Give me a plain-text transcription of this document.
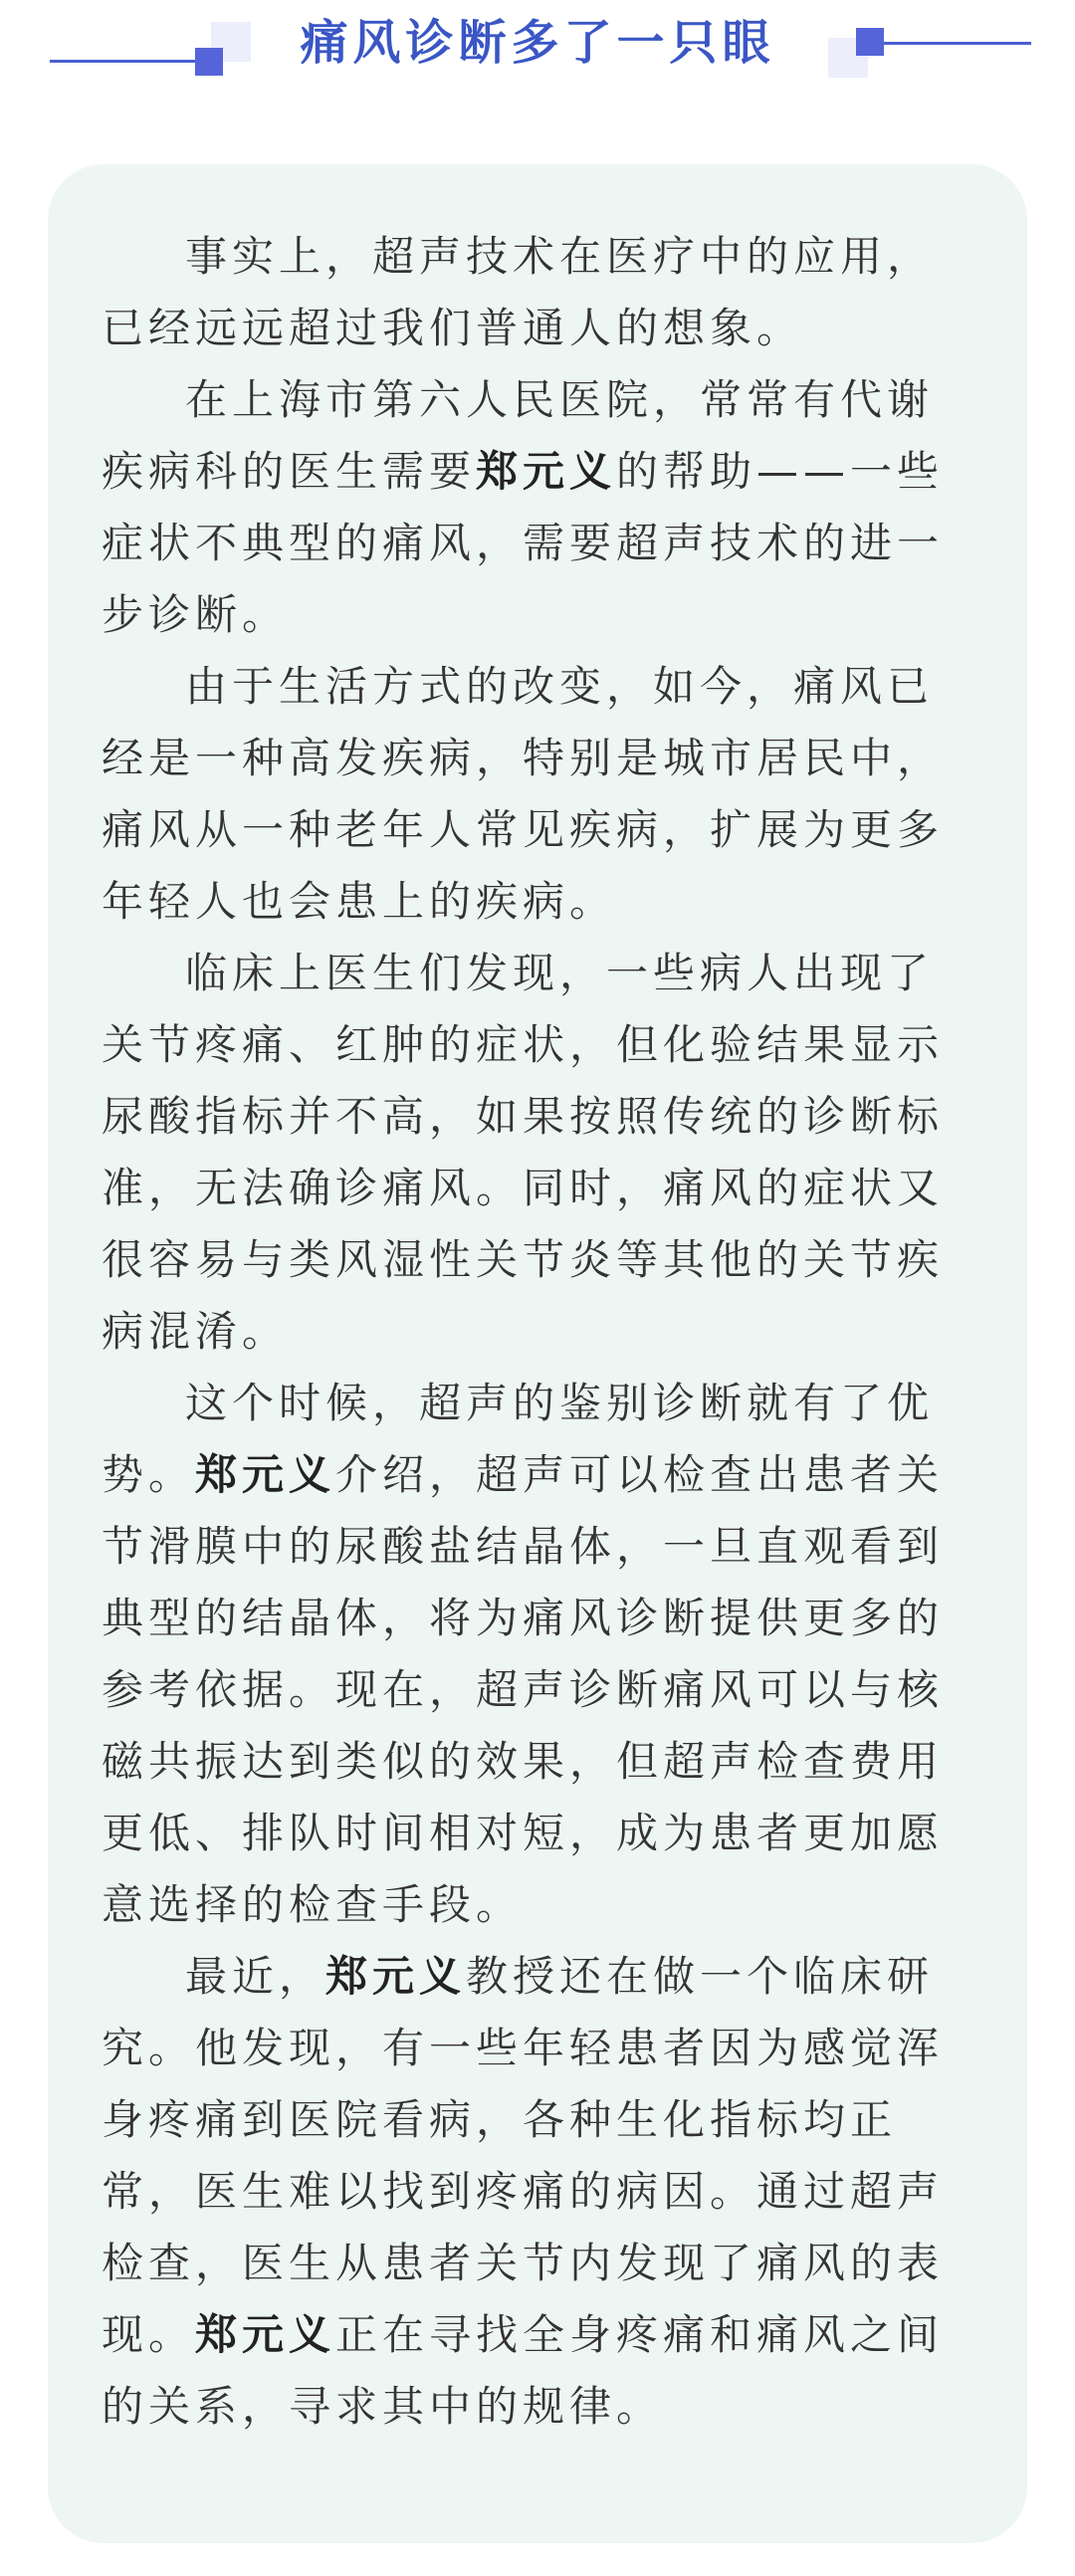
痛风诊断多了一只眼

事实上，超声技术在医疗中的应用，
已经远远超过我们普通人的想象。

在上海市第六人民医院，常常有代谢
疾病科的医生需要郑元义的帮助——一些
症状不典型的痛风，需要超声技术的进一
步诊断。

由于生活方式的改变，如今，痛风已
经是一种高发疾病，特别是城市居民中，
痛风从一种老年人常见疾病，扩展为更多
年轻人也会患上的疾病。

临床上医生们发现，一些病人出现了
关节疼痛、红肿的症状，但化验结果显示
尿酸指标并不高，如果按照传统的诊断标
准，无法确诊痛风。同时，痛风的症状又
很容易与类风湿性关节炎等其他的关节疾
病混淆。

这个时候，超声的鉴别诊断就有了优
势。郑元义介绍，超声可以检查出患者关
节滑膜中的尿酸盐结晶体，一旦直观看到
典型的结晶体，将为痛风诊断提供更多的
参考依据。现在，超声诊断痛风可以与核
磁共振达到类似的效果，但超声检查费用
更低、排队时间相对短，成为患者更加愿
意选择的检查手段。

最近，郑元义教授还在做一个临床研
究。他发现，有一些年轻患者因为感觉浑
身疼痛到医院看病，各种生化指标均正
常，医生难以找到疼痛的病因。通过超声
检查，医生从患者关节内发现了痛风的表
现。郑元义正在寻找全身疼痛和痛风之间
的关系，寻求其中的规律。
